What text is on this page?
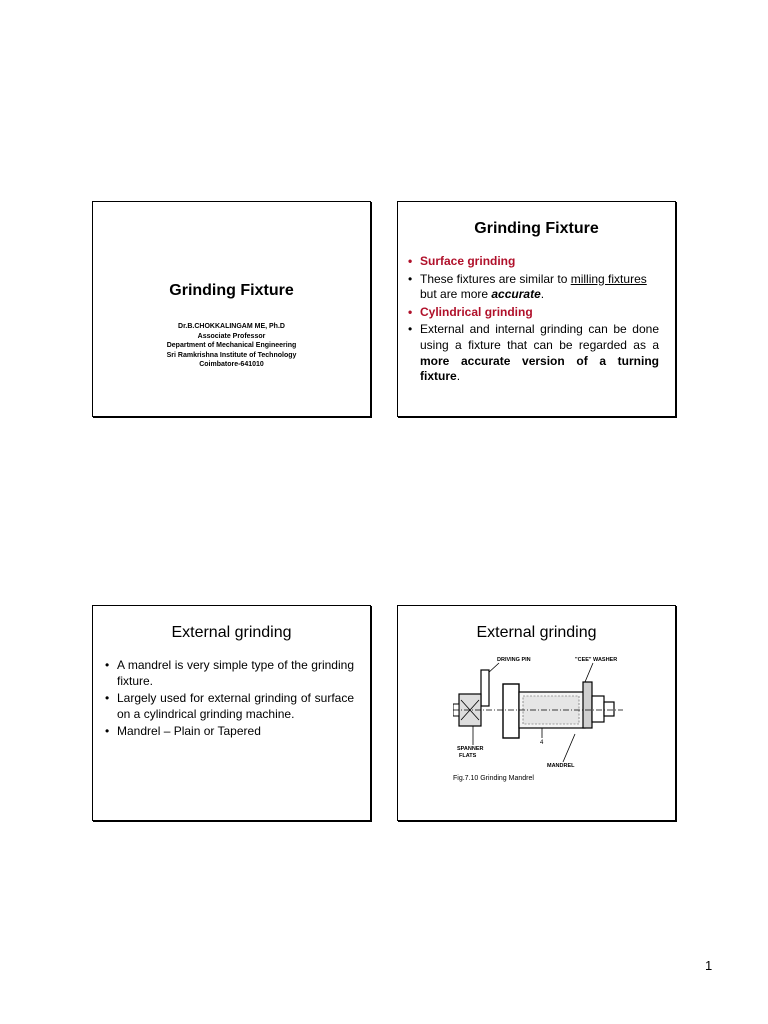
Grinding Fixture
Dr.B.CHOKKALINGAM ME, Ph.D
Associate Professor
Department of Mechanical Engineering
Sri Ramkrishna Institute of Technology
Coimbatore-641010
Grinding Fixture
• Surface grinding
• These fixtures are similar to milling fixtures but are more accurate.
• Cylindrical grinding
• External and internal grinding can be done using a fixture that can be regarded as a more accurate version of a turning fixture.
External grinding
• A mandrel is very simple type of the grinding fixture.
• Largely used for external grinding of surface on a cylindrical grinding machine.
• Mandrel – Plain or Tapered
External grinding
DRIVING PIN	"CEE" WASHER
SPANNER
FLATS
MANDREL
4
Fig.7.10 Grinding Mandrel
1
